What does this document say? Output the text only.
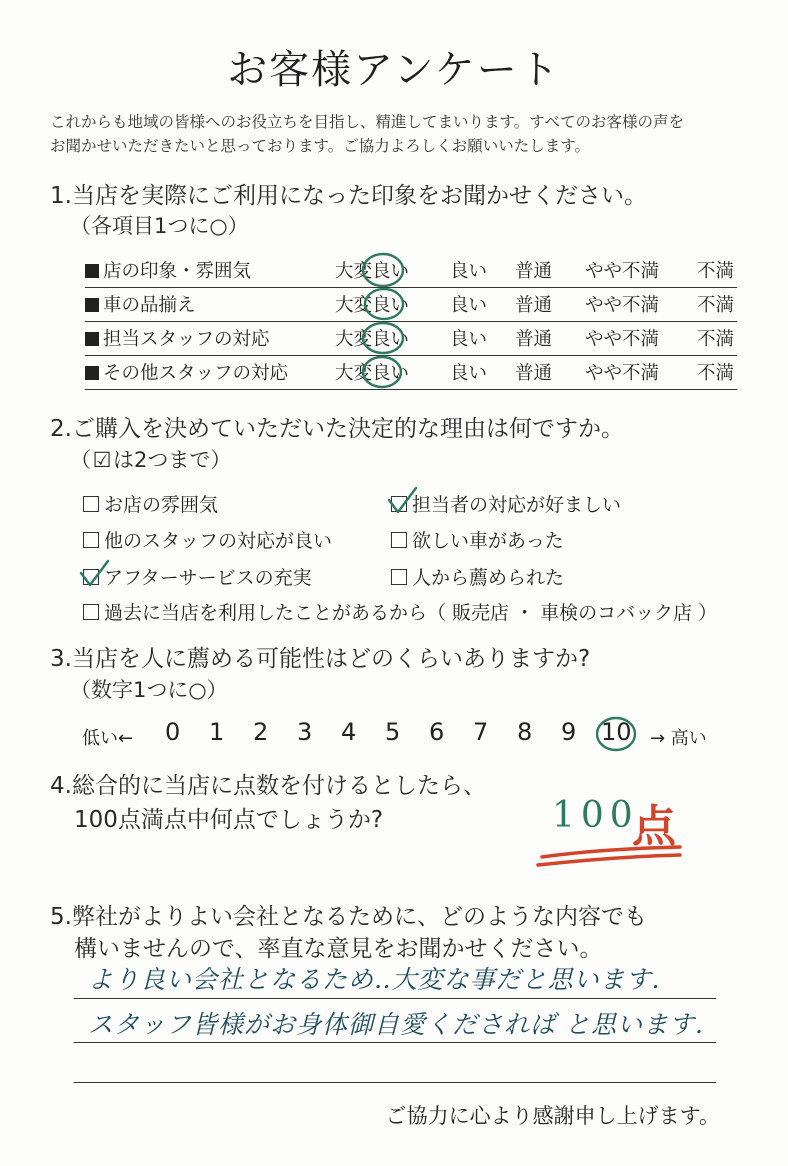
お客様アンケート
これからも地域の皆様へのお役立ちを目指し、精進してまいります。すべてのお客様の声を
お聞かせいただきたいと思っております。ご協力よろしくお願いいたします。
1.当店を実際にご利用になった印象をお聞かせください。
（各項目1つに○）
店の印象・雰囲気	大変良い 良い 普通 やや不満 不満
車の品揃え	大変良い 良い 普通 やや不満 不満
担当スタッフの対応	大変良い 良い 普通 やや不満 不満
その他スタッフの対応	大変良い 良い 普通 やや不満 不満
2.ご購入を決めていただいた決定的な理由は何ですか。
（☑は2つまで）
お店の雰囲気	担当者の対応が好ましい
他のスタッフの対応が良い	欲しい車があった
アフターサービスの充実	人から薦められた
過去に当店を利用したことがあるから（ 販売店 ・ 車検のコバック店 ）
3.当店を人に薦める可能性はどのくらいありますか?
（数字1つに○）
低い← 0 1 2 3 4 5 6 7 8 9 10 → 高い
4.総合的に当店に点数を付けるとしたら、
100点満点中何点でしょうか?	100
点
5.弊社がよりよい会社となるために、どのような内容でも
構いませんので、率直な意見をお聞かせください。
より良い会社となるため‥大変な事だと思います.
スタッフ皆様がお身体御自愛くだされば と思います.
ご協力に心より感謝申し上げます。
